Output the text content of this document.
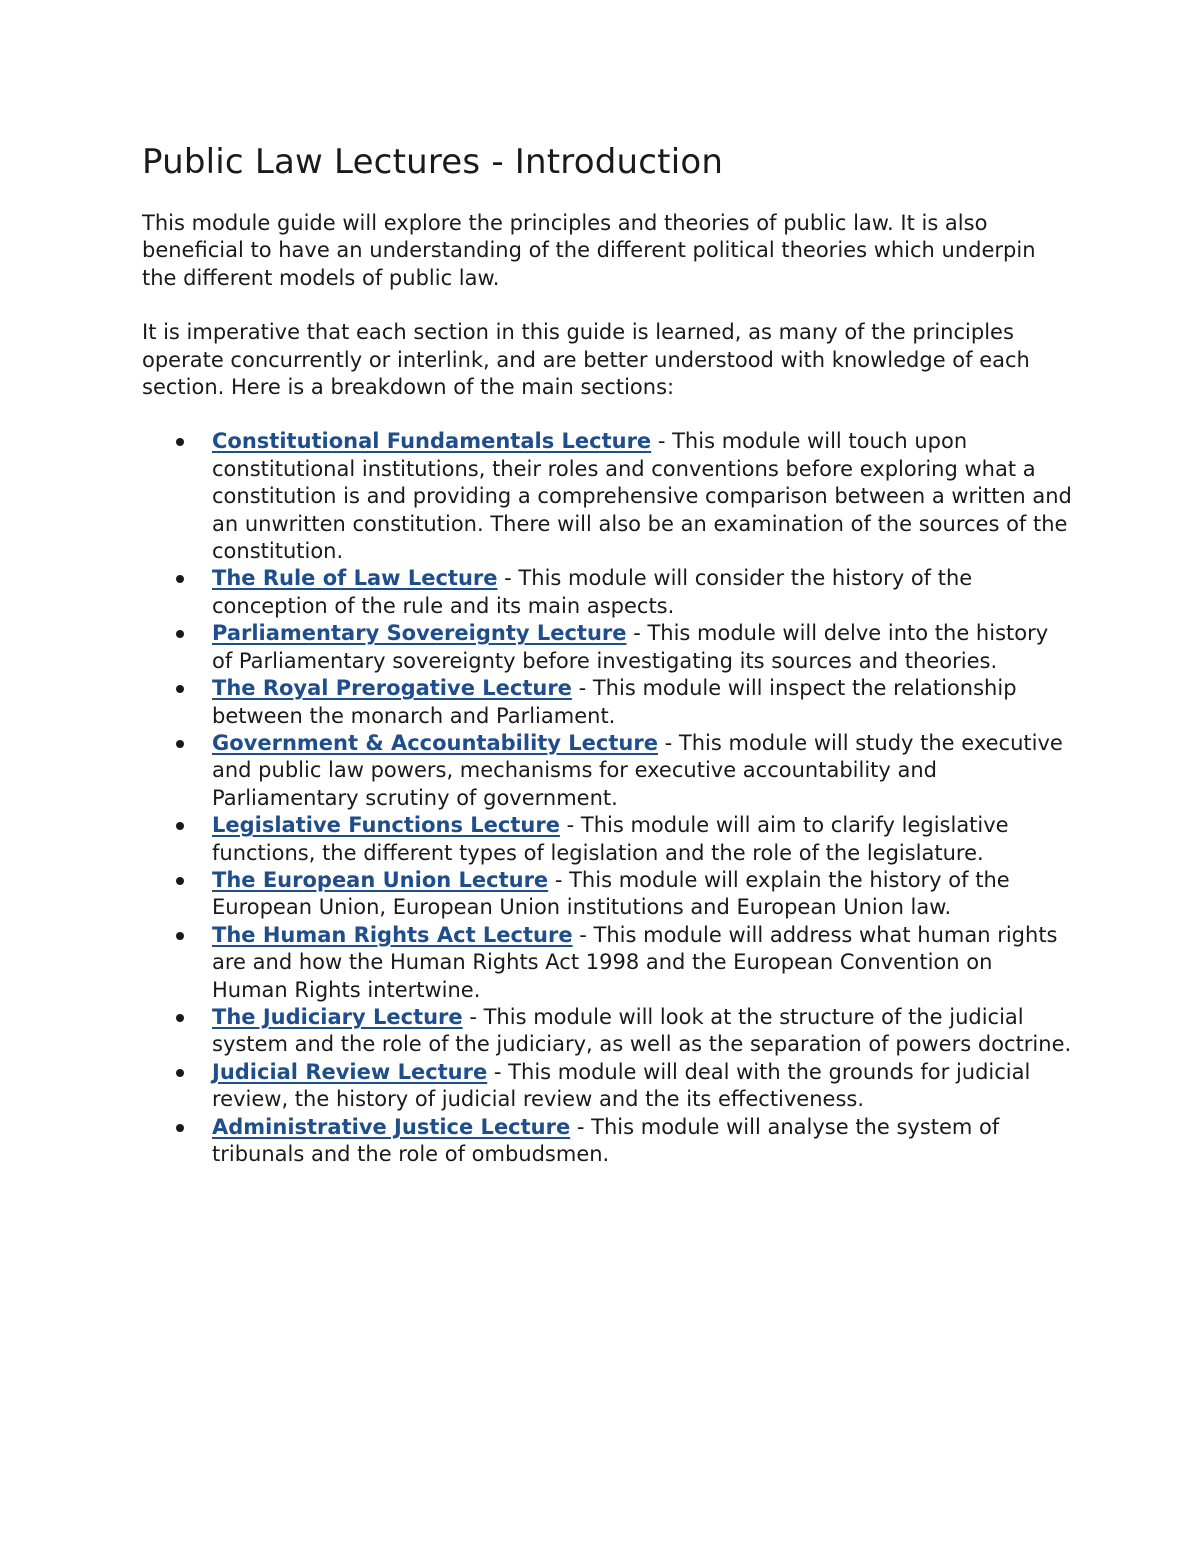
Public Law Lectures - Introduction

This module guide will explore the principles and theories of public law. It is also beneficial to have an understanding of the different political theories which underpin the different models of public law.

It is imperative that each section in this guide is learned, as many of the principles operate concurrently or interlink, and are better understood with knowledge of each section. Here is a breakdown of the main sections:

Constitutional Fundamentals Lecture - This module will touch upon constitutional institutions, their roles and conventions before exploring what a constitution is and providing a comprehensive comparison between a written and an unwritten constitution. There will also be an examination of the sources of the constitution.
The Rule of Law Lecture - This module will consider the history of the conception of the rule and its main aspects.
Parliamentary Sovereignty Lecture - This module will delve into the history of Parliamentary sovereignty before investigating its sources and theories.
The Royal Prerogative Lecture - This module will inspect the relationship between the monarch and Parliament.
Government & Accountability Lecture - This module will study the executive and public law powers, mechanisms for executive accountability and Parliamentary scrutiny of government.
Legislative Functions Lecture - This module will aim to clarify legislative functions, the different types of legislation and the role of the legislature.
The European Union Lecture - This module will explain the history of the European Union, European Union institutions and European Union law.
The Human Rights Act Lecture - This module will address what human rights are and how the Human Rights Act 1998 and the European Convention on Human Rights intertwine.
The Judiciary Lecture - This module will look at the structure of the judicial system and the role of the judiciary, as well as the separation of powers doctrine.
Judicial Review Lecture - This module will deal with the grounds for judicial review, the history of judicial review and the its effectiveness.
Administrative Justice Lecture - This module will analyse the system of tribunals and the role of ombudsmen.
